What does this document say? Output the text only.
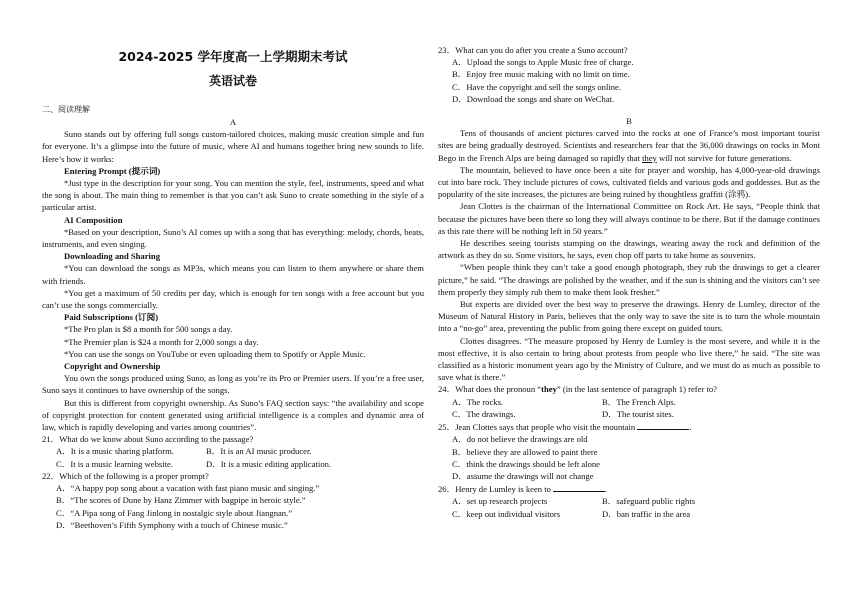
2024-2025 学年度高一上学期期末考试
英语试卷
二、阅读理解

A

Suno stands out by offering full songs custom-tailored choices, making music creation simple and fun for everyone. It’s a glimpse into the future of music, where AI and humans together bring new sounds to life. Here’s how it works:

Entering Prompt (提示词)

*Just type in the description for your song. You can mention the style, feel, instruments, speed and what the song is about. The main thing to remember is that you can’t ask Suno to create something in the style of a particular artist.

AI Composition

*Based on your description, Suno’s AI comes up with a song that has everything: melody, chords, beats, instruments, and even singing.

Downloading and Sharing

*You can download the songs as MP3s, which means you can listen to them anywhere or share them with friends.

*You get a maximum of 50 credits per day, which is enough for ten songs with a free account but you can’t use the songs commercially.

Paid Subscriptions (订阅)

*The Pro plan is $8 a month for 500 songs a day.

*The Premier plan is $24 a month for 2,000 songs a day.

*You can use the songs on YouTube or even uploading them to Spotify or Apple Music.

Copyright and Ownership

You own the songs produced using Suno, as long as you’re its Pro or Premier users. If you’re a free user, Suno says it continues to have ownership of the songs.

But this is different from copyright ownership. As Suno’s FAQ section says: “the availability and scope of copyright protection for content generated using artificial intelligence is a complex and dynamic area of law, which is rapidly developing and varies among countries”.

21．What do we know about Suno according to the passage?

A．It is a music sharing platform.	B．It is an AI music producer.
C．It is a music learning website.	D．It is a music editing application.

22．Which of the following is a proper prompt?

A．“A happy pop song about a vacation with fast piano music and singing.”

B．“The scores of Dune by Hanz Zimmer with bagpipe in heroic style.”

C．“A Pipa song of Fang Jinlong in nostalgic style about Jiangnan.”

D．“Beethoven’s Fifth Symphony with a touch of Chinese music.”

23．What can you do after you create a Suno account?

A．Upload the songs to Apple Music free of charge.

B．Enjoy free music making with no limit on time.

C．Have the copyright and sell the songs online.

D．Download the songs and share on WeChat.

B

Tens of thousands of ancient pictures carved into the rocks at one of France’s most important tourist sites are being gradually destroyed. Scientists and researchers fear that the 36,000 drawings on rocks in Mont Bego in the French Alps are being damaged so rapidly that they will not survive for future generations.

The mountain, believed to have once been a site for prayer and worship, has 4,000-year-old drawings cut into bare rock. They include pictures of cows, cultivated fields and various gods and goddesses. But as the popularity of the site increases, the pictures are being ruined by thoughtless graffiti (涂鸦).

Jean Clottes is the chairman of the International Committee on Rock Art. He says, “People think that because the pictures have been there so long they will always continue to be there. But if the damage continues as this rate there will be nothing left in 50 years.”

He describes seeing tourists stamping on the drawings, wearing away the rock and definition of the artwork as they do so. Some visitors, he says, even chop off parts to take home as souvenirs.

“When people think they can’t take a good enough photograph, they rub the drawings to get a clearer picture,” he said. “The drawings are polished by the weather, and if the sun is shining and the visitors can’t see them properly they simply rub them to make them look fresher.”

But experts are divided over the best way to preserve the drawings. Henry de Lumley, director of the Museum of Natural History in Paris, believes that the only way to save the site is to turn the whole mountain into a “no-go” area, preventing the public from going there except on guided tours.

Clottes disagrees. “The measure proposed by Henry de Lumley is the most severe, and while it is the most effective, it is also certain to bring about protests from people who live there,” he said. “The site was classified as a historic monument years ago by the Ministry of Culture, and we must do as much as possible to save what is there.”

24．What does the pronoun “they” (in the last sentence of paragraph 1) refer to?

A．The rocks.	B．The French Alps.
C．The drawings.	D．The tourist sites.

25．Jean Clottes says that people who visit the mountain	.

A．do not believe the drawings are old

B．believe they are allowed to paint there

C．think the drawings should be left alone

D．assume the drawings will not change

26．Henry de Lumley is keen to	.

A．set up research projects	B．safeguard public rights
C．keep out individual visitors	D．ban traffic in the area
